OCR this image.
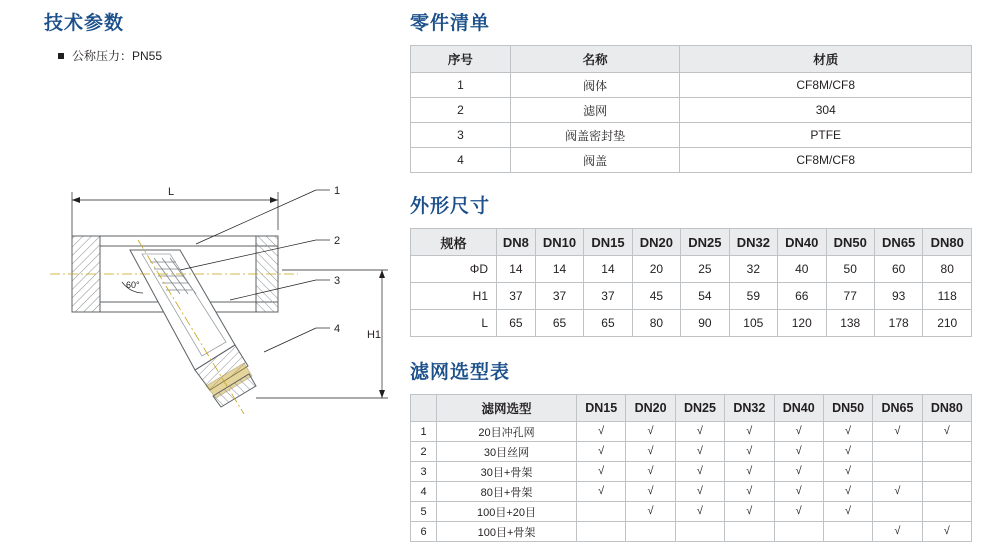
技术参数
公称压力：PN55
L
60°
1
2
3
4 H1
零件清单
序号	名称	材质
1	阀体	CF8M/CF8
2	滤网	304
3	阀盖密封垫	PTFE
4	阀盖	CF8M/CF8
外形尺寸
规格	DN8	DN10	DN15	DN20	DN25	DN32	DN40	DN50	DN65	DN80
ΦD	14	14	14	20	25	32	40	50	60	80
H1	37	37	37	45	54	59	66	77	93	118
L	65	65	65	80	90	105	120	138	178	210
滤网选型表
	滤网选型	DN15	DN20	DN25	DN32	DN40	DN50	DN65	DN80
1	20目冲孔网	√	√	√	√	√	√	√	√
2	30目丝网	√	√	√	√	√	√		
3	30目+骨架	√	√	√	√	√	√		
4	80目+骨架	√	√	√	√	√	√	√	
5	100目+20目		√	√	√	√	√		
6	100目+骨架							√	√
